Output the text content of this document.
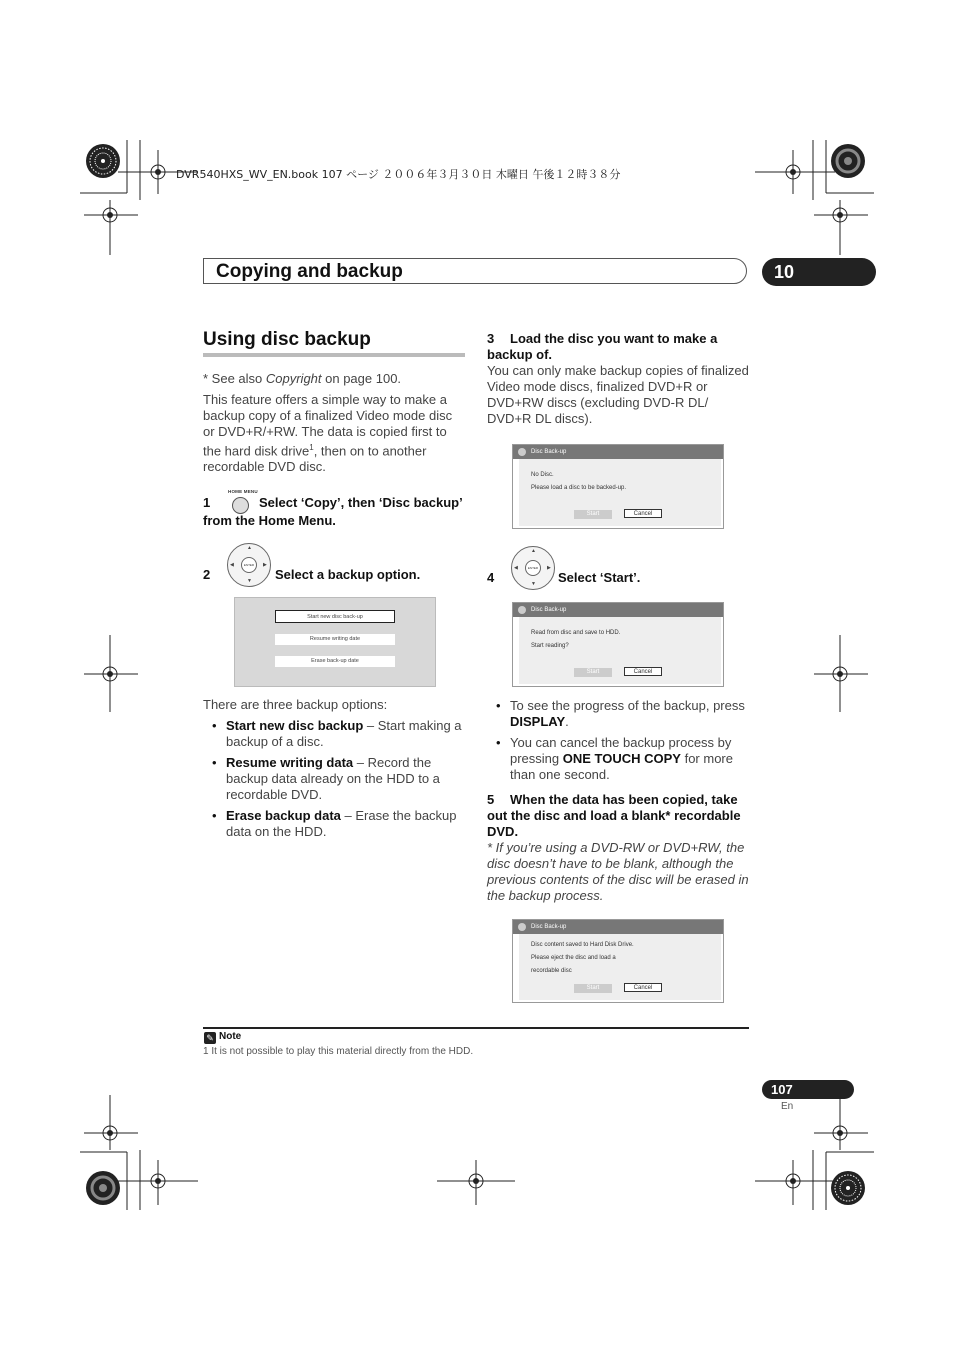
DVR540HXS_WV_EN.book 107 ページ ２００６年３月３０日 木曜日 午後１２時３８分
Copying and backup	10
Using disc backup
* See also Copyright on page 100.
This feature offers a simple way to make a backup copy of a finalized Video mode disc or DVD+R/+RW. The data is copied first to the hard disk drive$^1$, then on to another recordable DVD disc.
1
HOME MENU
Select ‘Copy’, then ‘Disc backup’
from the Home Menu.
2
▲
▼
◀	▶
ENTER
Select a backup option.
Start new disc back-up
Resume writing date
Erase back-up date
There are three backup options:
• Start new disc backup – Start making a backup of a disc.
• Resume writing data – Record the backup data already on the HDD to a recordable DVD.
• Erase backup data – Erase the backup data on the HDD.
3 Load the disc you want to make a
backup of.
You can only make backup copies of finalized Video mode discs, finalized DVD+R or DVD+RW discs (excluding DVD-R DL/ DVD+R DL discs).
Disc Back-up
No Disc.
Please load a disc to be backed-up.
Start	Cancel
4
▲
▼
◀	▶
ENTER
Select ‘Start’.
Disc Back-up
Read from disc and save to HDD.
Start reading?
Start	Cancel
• To see the progress of the backup, press DISPLAY.
• You can cancel the backup process by pressing ONE TOUCH COPY for more than one second.
5	When the data has been copied, take out the disc and load a blank* recordable DVD.
* If you’re using a DVD-RW or DVD+RW, the disc doesn’t have to be blank, although the previous contents of the disc will be erased in the backup process.
Disc Back-up
Disc content saved to Hard Disk Drive.
Please eject the disc and load a
recordable disc
Start	Cancel
✎ Note
1 It is not possible to play this material directly from the HDD.
107
En
